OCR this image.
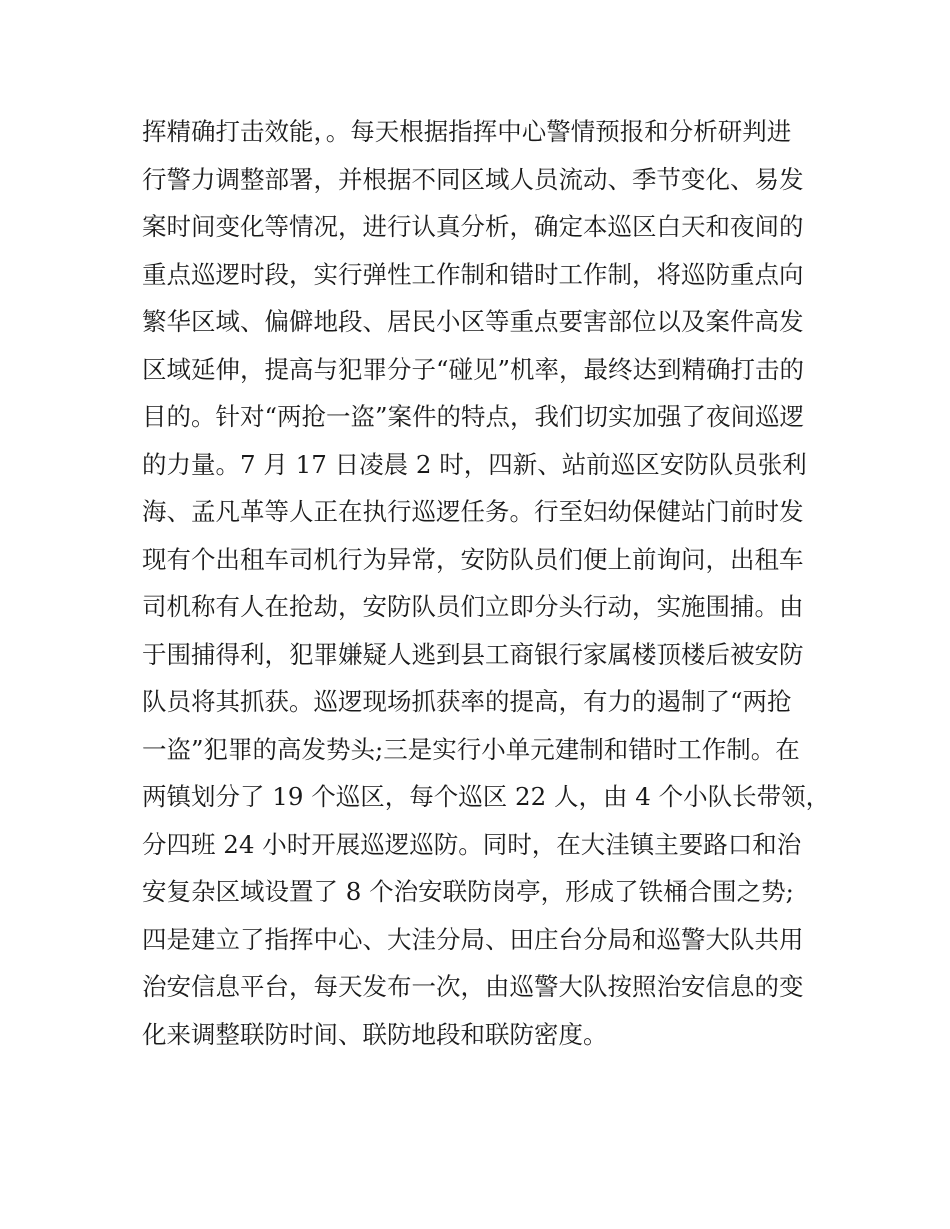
挥精确打击效能，。每天根据指挥中心警情预报和分析研判进
行警力调整部署，并根据不同区域人员流动、季节变化、易发
案时间变化等情况，进行认真分析，确定本巡区白天和夜间的
重点巡逻时段，实行弹性工作制和错时工作制，将巡防重点向
繁华区域、偏僻地段、居民小区等重点要害部位以及案件高发
区域延伸，提高与犯罪分子“碰见”机率，最终达到精确打击的
目的。针对“两抢一盗”案件的特点，我们切实加强了夜间巡逻
的力量。7 月 17 日凌晨 2 时，四新、站前巡区安防队员张利
海、孟凡革等人正在执行巡逻任务。行至妇幼保健站门前时发
现有个出租车司机行为异常，安防队员们便上前询问，出租车
司机称有人在抢劫，安防队员们立即分头行动，实施围捕。由
于围捕得利，犯罪嫌疑人逃到县工商银行家属楼顶楼后被安防
队员将其抓获。巡逻现场抓获率的提高，有力的遏制了“两抢
一盗”犯罪的高发势头;三是实行小单元建制和错时工作制。在
两镇划分了 19 个巡区，每个巡区 22 人，由 4 个小队长带领，
分四班 24 小时开展巡逻巡防。同时，在大洼镇主要路口和治
安复杂区域设置了 8 个治安联防岗亭，形成了铁桶合围之势;
四是建立了指挥中心、大洼分局、田庄台分局和巡警大队共用
治安信息平台，每天发布一次，由巡警大队按照治安信息的变
化来调整联防时间、联防地段和联防密度。
